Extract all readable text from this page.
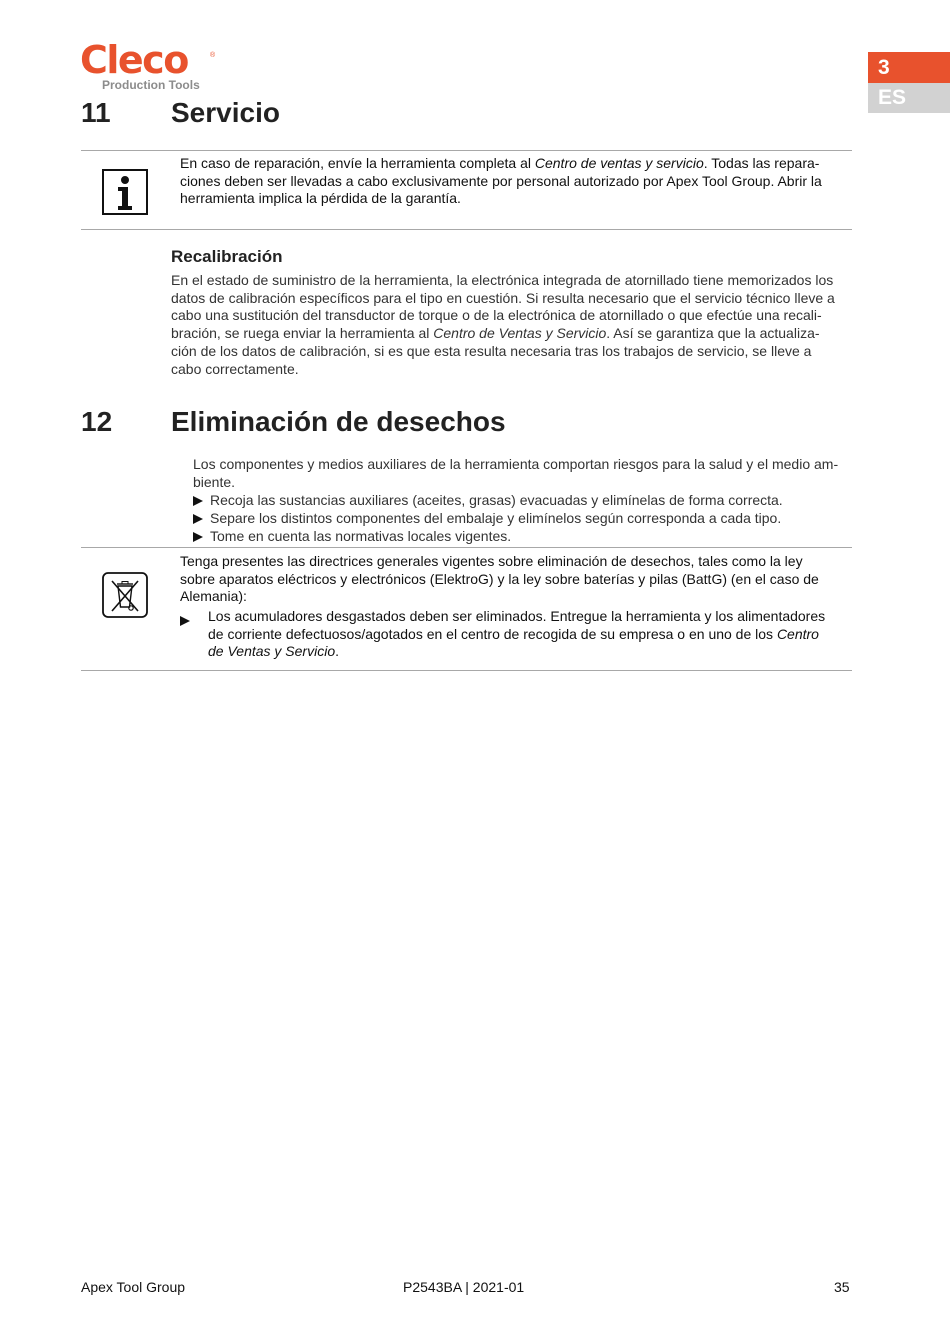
Cleco	®
Production Tools
3
ES
11 Servicio
En caso de reparación, envíe la herramienta completa al Centro de ventas y servicio. Todas las repara-
ciones deben ser llevadas a cabo exclusivamente por personal autorizado por Apex Tool Group. Abrir la
herramienta implica la pérdida de la garantía.
Recalibración
En el estado de suministro de la herramienta, la electrónica integrada de atornillado tiene memorizados los
datos de calibración específicos para el tipo en cuestión. Si resulta necesario que el servicio técnico lleve a
cabo una sustitución del transductor de torque o de la electrónica de atornillado o que efectúe una recali-
bración, se ruega enviar la herramienta al Centro de Ventas y Servicio. Así se garantiza que la actualiza-
ción de los datos de calibración, si es que esta resulta necesaria tras los trabajos de servicio, se lleve a
cabo correctamente.
12 Eliminación de desechos
Los componentes y medios auxiliares de la herramienta comportan riesgos para la salud y el medio am-
biente.
Recoja las sustancias auxiliares (aceites, grasas) evacuadas y elimínelas de forma correcta.
Separe los distintos componentes del embalaje y elimínelos según corresponda a cada tipo.
Tome en cuenta las normativas locales vigentes.
Tenga presentes las directrices generales vigentes sobre eliminación de desechos, tales como la ley
sobre aparatos eléctricos y electrónicos (ElektroG) y la ley sobre baterías y pilas (BattG) (en el caso de
Alemania):
Los acumuladores desgastados deben ser eliminados. Entregue la herramienta y los alimentadores
de corriente defectuosos/agotados en el centro de recogida de su empresa o en uno de los Centro
de Ventas y Servicio.
Apex Tool Group	P2543BA | 2021-01	35
